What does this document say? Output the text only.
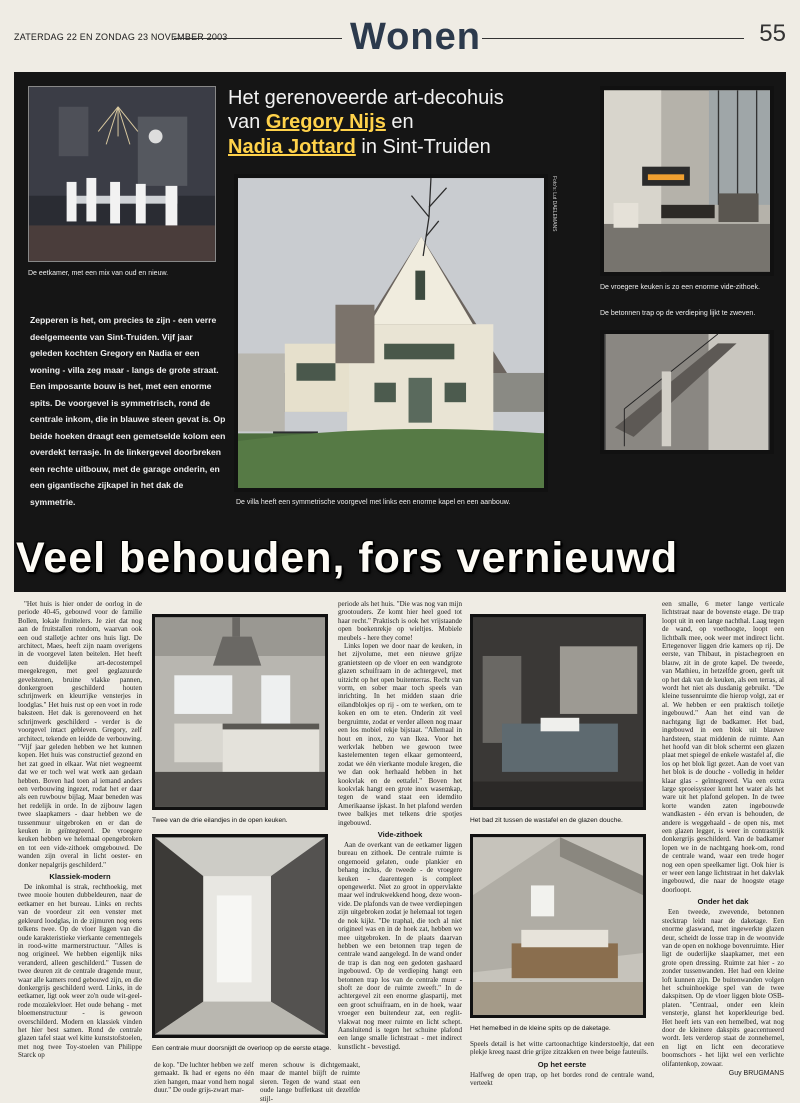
ZATERDAG 22 EN ZONDAG 23 NOVEMBER 2003	Wonen	55
De eetkamer, met een mix van oud en nieuw.
Het gerenoveerde art-decohuis
van Gregory Nijs en
Nadia Jottard in Sint-Truiden
Zepperen is het, om precies te zijn - een verre deelgemeente van Sint-Truiden. Vijf jaar geleden kochten Gregory en Nadia er een woning - villa zeg maar - langs de grote straat. Een imposante bouw is het, met een enorme spits. De voorgevel is symmetrisch, rond de centrale inkom, die in blauwe steen gevat is. Op beide hoeken draagt een gemetselde kolom een overdekt terrasje. In de linkergevel doorbreken een rechte uitbouw, met de garage onderin, en een gigantische zijkapel in het dak de symmetrie.
Foto's: Lut DAELEMANS
De villa heeft een symmetrische voorgevel met links een enorme kapel en een aanbouw.
De vroegere keuken is zo een enorme vide-zithoek.
De betonnen trap op de verdieping lijkt te zweven.
Veel behouden, fors vernieuwd

"Het huis is hier onder de oorlog in de periode 40-45, gebouwd voor de familie Bollen, lokale fruittelers. Je ziet dat nog aan de fruitstallen rondom, waarvan ook een oud stalletje achter ons huis ligt. De architect, Maes, heeft zijn naam overigens in de voorgevel laten beitelen. Het heeft een duidelijke art-decostempel meegekregen, met geel geglazuurde gevelstenen, bruine vlakke pannen, donkergroen geschilderd houten schrijnwerk en kleurrijke vensterjes in loodglas." Het huis rust op een voet in rode baksteen. Het dak is gerenoveerd en het schrijnwerk geschilderd - verder is de voorgevel intact gebleven. Gregory, zelf architect, tekende en leidde de verbouwing. "Vijf jaar geleden hebben we het kunnen kopen. Het huis was constructief gezond en het zat goed in elkaar. Wat niet wegneemt dat we er toch wel wat werk aan gedaan hebben. Boven had toen al iemand anders een verbouwing ingezet, rodat het er daar als een ruwbouw bijlag. Maar beneden was het redelijk in orde. In de zijbouw lagen twee slaapkamers - daar hebben we de tussenmuur uitgebroken en er dan de keuken in geïntegreerd. De vroegere keuken hebben we helemaal opengebroken en tot een vide-zithoek omgebouwd. De wanden zijn overal in licht oester- en donker nepalgrijs geschilderd."

Klassiek-modern

De inkomhal is strak, rechthoekig, met twee mooie houten dubbeldeuren, naar de eetkamer en het bureau. Links en rechts van de voordeur zit een venster met gekleurd loodglas, in de zijmuren nog eens telkens twee. Op de vloer liggen van die oude karakteristieke vierkante cementtegels in rood-witte marmerstructuur. "Alles is nog origineel. We hebben eigenlijk niks veranderd, alleen geschilderd." Tussen de twee deuren zit de centrale dragende muur, waar alle kamers rond gebouwd zijn, en die donkergrijs geschilderd werd. Links, in de eetkamer, ligt ook weer zo'n oude wit-geel-rode mozaïekvloer. Het oude behang - met bloemenstructuur - is gewoon overschilderd. Modern en klassiek vinden het hier best samen. Rond de centrale glazen tafel staat wel kitte kunststofstoelen, met nog twee Toy-stoelen van Philippe Starck op

Twee van de drie eilandjes in de open keuken.
Een centrale muur doorsnijdt de overloop op de eerste etage.

de kop. "De luchter hebben we zelf gemaakt. Ik had er egens no één zien hangen, maar vond hem nogal duur." De oude grijs-zwart mar-

meren schouw is dichtgemaakt, maar de mantel biijft de ruimte sieren. Tegen de wand staat een oude lange buffetkast uit dezelfde stijl-

periode als het huis. "Die was nog van mijn grootouders. Ze komt hier heel goed tot haar recht." Praktisch is ook het vrijstaande open boekenrekje op wieltjes. Mobiele meubels - here they come!

Links lopen we door naar de keuken, in het zijvolume, met een nieuwe grijze granietsteen op de vloer en een wandgrote glazen schuifraam in de achtergevel, met uitzicht op het open buitenterras. Recht van vorm, en sober maar toch speels van inrichting. In het midden staan drie eilandblokjes op rij - om te werken, om te koken en om te eten. Onderin zit veel bergruimte, zodat er verder alleen nog maar een los mobiel rekje bijstaat. "Allemaal in hout en inox, zo van Ikea. Voor het werkvlak hebben we gewoon twee kastelementen tegen elkaar gemonteerd, zodat we één vierkante module kregen, die we dan ook herhaald hebben in het kookvlak en de eettafel." Boven het kookvlak hangt een grote inox wasemkap, tegen de wand staat een idemdito Amerikaanse ijskast. In het plafond werden twee balkjes met telkens drie spotjes ingebouwd.

Vide-zithoek

Aan de overkant van de eetkamer liggen bureau en zithoek. De centrale ruimte is ongemoeid gelaten, oude plankier en behang inclus, de tweede - de vroegere keuken - daarentegen is compleet opengewerkt. Niet zo groot in oppervlakte maar wel indrukwekkend hoog, deze woon-vide. De plafonds van de twee verdiepingen zijn uitgebroken zodat je helemaal tot tegen de nok kijkt. "De traphal, die toch al niet origineel was en in de hoek zat, hebben we mee uitgebroken. In de plaats daarvan hebben we een betonnen trap tegen de centrale wand aangelegd. In de wand onder de trap is dan nog een gedoten gashaard ingebouwd. Op de verdieping hangt een betonnen trap los van de centrale muur - shoft ze door de ruimte zweeft." In de achtergevel zit een enorme glaspartij, met een groot schuifraam, en in de hoek, waar vroeger een buitendeur zat, een reglit-vlakwat nog meer ruimte en licht schept. Aansluitend is tegen het schuine plafond een lange smalle lichtstraat - met indirect kunstlicht - bevestigd.

Het bad zit tussen de wastafel en de glazen douche.
Het hemelbed in de kleine spits op de daketage.

Speels detail is het witte cartoonachtige kinderstoeltje, dat een plekje kreeg naast drie grijze zitzakken en twee beige fauteuils.

Op het eerste

Halfweg de open trap, op het bordes rond de centrale wand, verteekt

een smalle, 6 meter lange verticale lichtstraat naar de bovenste etage. De trap loopt uit in een lange nachthal. Laag tegen de wand, op voethoogte, loopt een lichtbalk mee, ook weer met indirect licht. Ertegenover liggen drie kamers op rij. De eerste, van Thibaut, in pistachegroen en blauw, zit in de grote kapel. De tweede, van Mathieu, in hetzelfde groen, geeft uit op het dak van de keuken, als een terras, al wordt het niet als dusdanig gebruikt. "De kleine tussenruimte die hierop volgt, zat er al. We hebben er een praktisch toiletje ingebouwd." Aan het eind van de nachtgang ligt de badkamer. Het bad, ingebouwd in een blok uit blauwe hardsteen, staat middenin de ruimte. Aan het hoofd van dit blok schermt een glazen plaat met spiegel de enkele wastafel af, die los op het blok ligt gezet. Aan de voet van het blok is de douche - volledig in helder klaar glas - geïntegreerd. Via een extra large sproeisysteer komt het water als het ware uit het plafond gelopen. In de twee korte wanden zaten ingebouwde wandkasten - één ervan is behouden, de andere is weggehaald - de open nis, met een glazen legger, is weer in contrastrijk donkergrijs geschilderd. Van de badkamer lopen we in de nachtgang hoek-om, rond de centrale wand, waar een trede hoger nog een open speelkamer ligt. Ook hier is er weer een lange lichtstraat in het dakvlak ingebouwd, die naar de hoogste etage doorloopt.

Onder het dak

Een tweede, zwevende, betonnen stecktrap leidt naar de daketage. Een enorme glaswand, met ingewerkte glazen deur, scheidt de losse trap in de woonvide van de open en nokhoge bovenruimte. Hier ligt de ouderlijke slaapkamer, met een grote open dressing. Ruimte zat hier - zo zonder tussenwanden. Het had een kleine loft kunnen zijn. De buitenwanden volgen het schuinhoekige spel van de twee dakspitsen. Op de vloer liggen blote OSB-platen. "Centraal, onder een klein vensterje, glanst het koperkleurige bed. Het heeft iets van een hemelbed, wat nog door de kleinere dakspits geaccentueerd wordt. Iets verderop staat de zonnehemel, en ligt en licht een decoratieve boomschors - het lijkt wel een verlichte olifantenkop, zowaar.

Guy BRUGMANS
